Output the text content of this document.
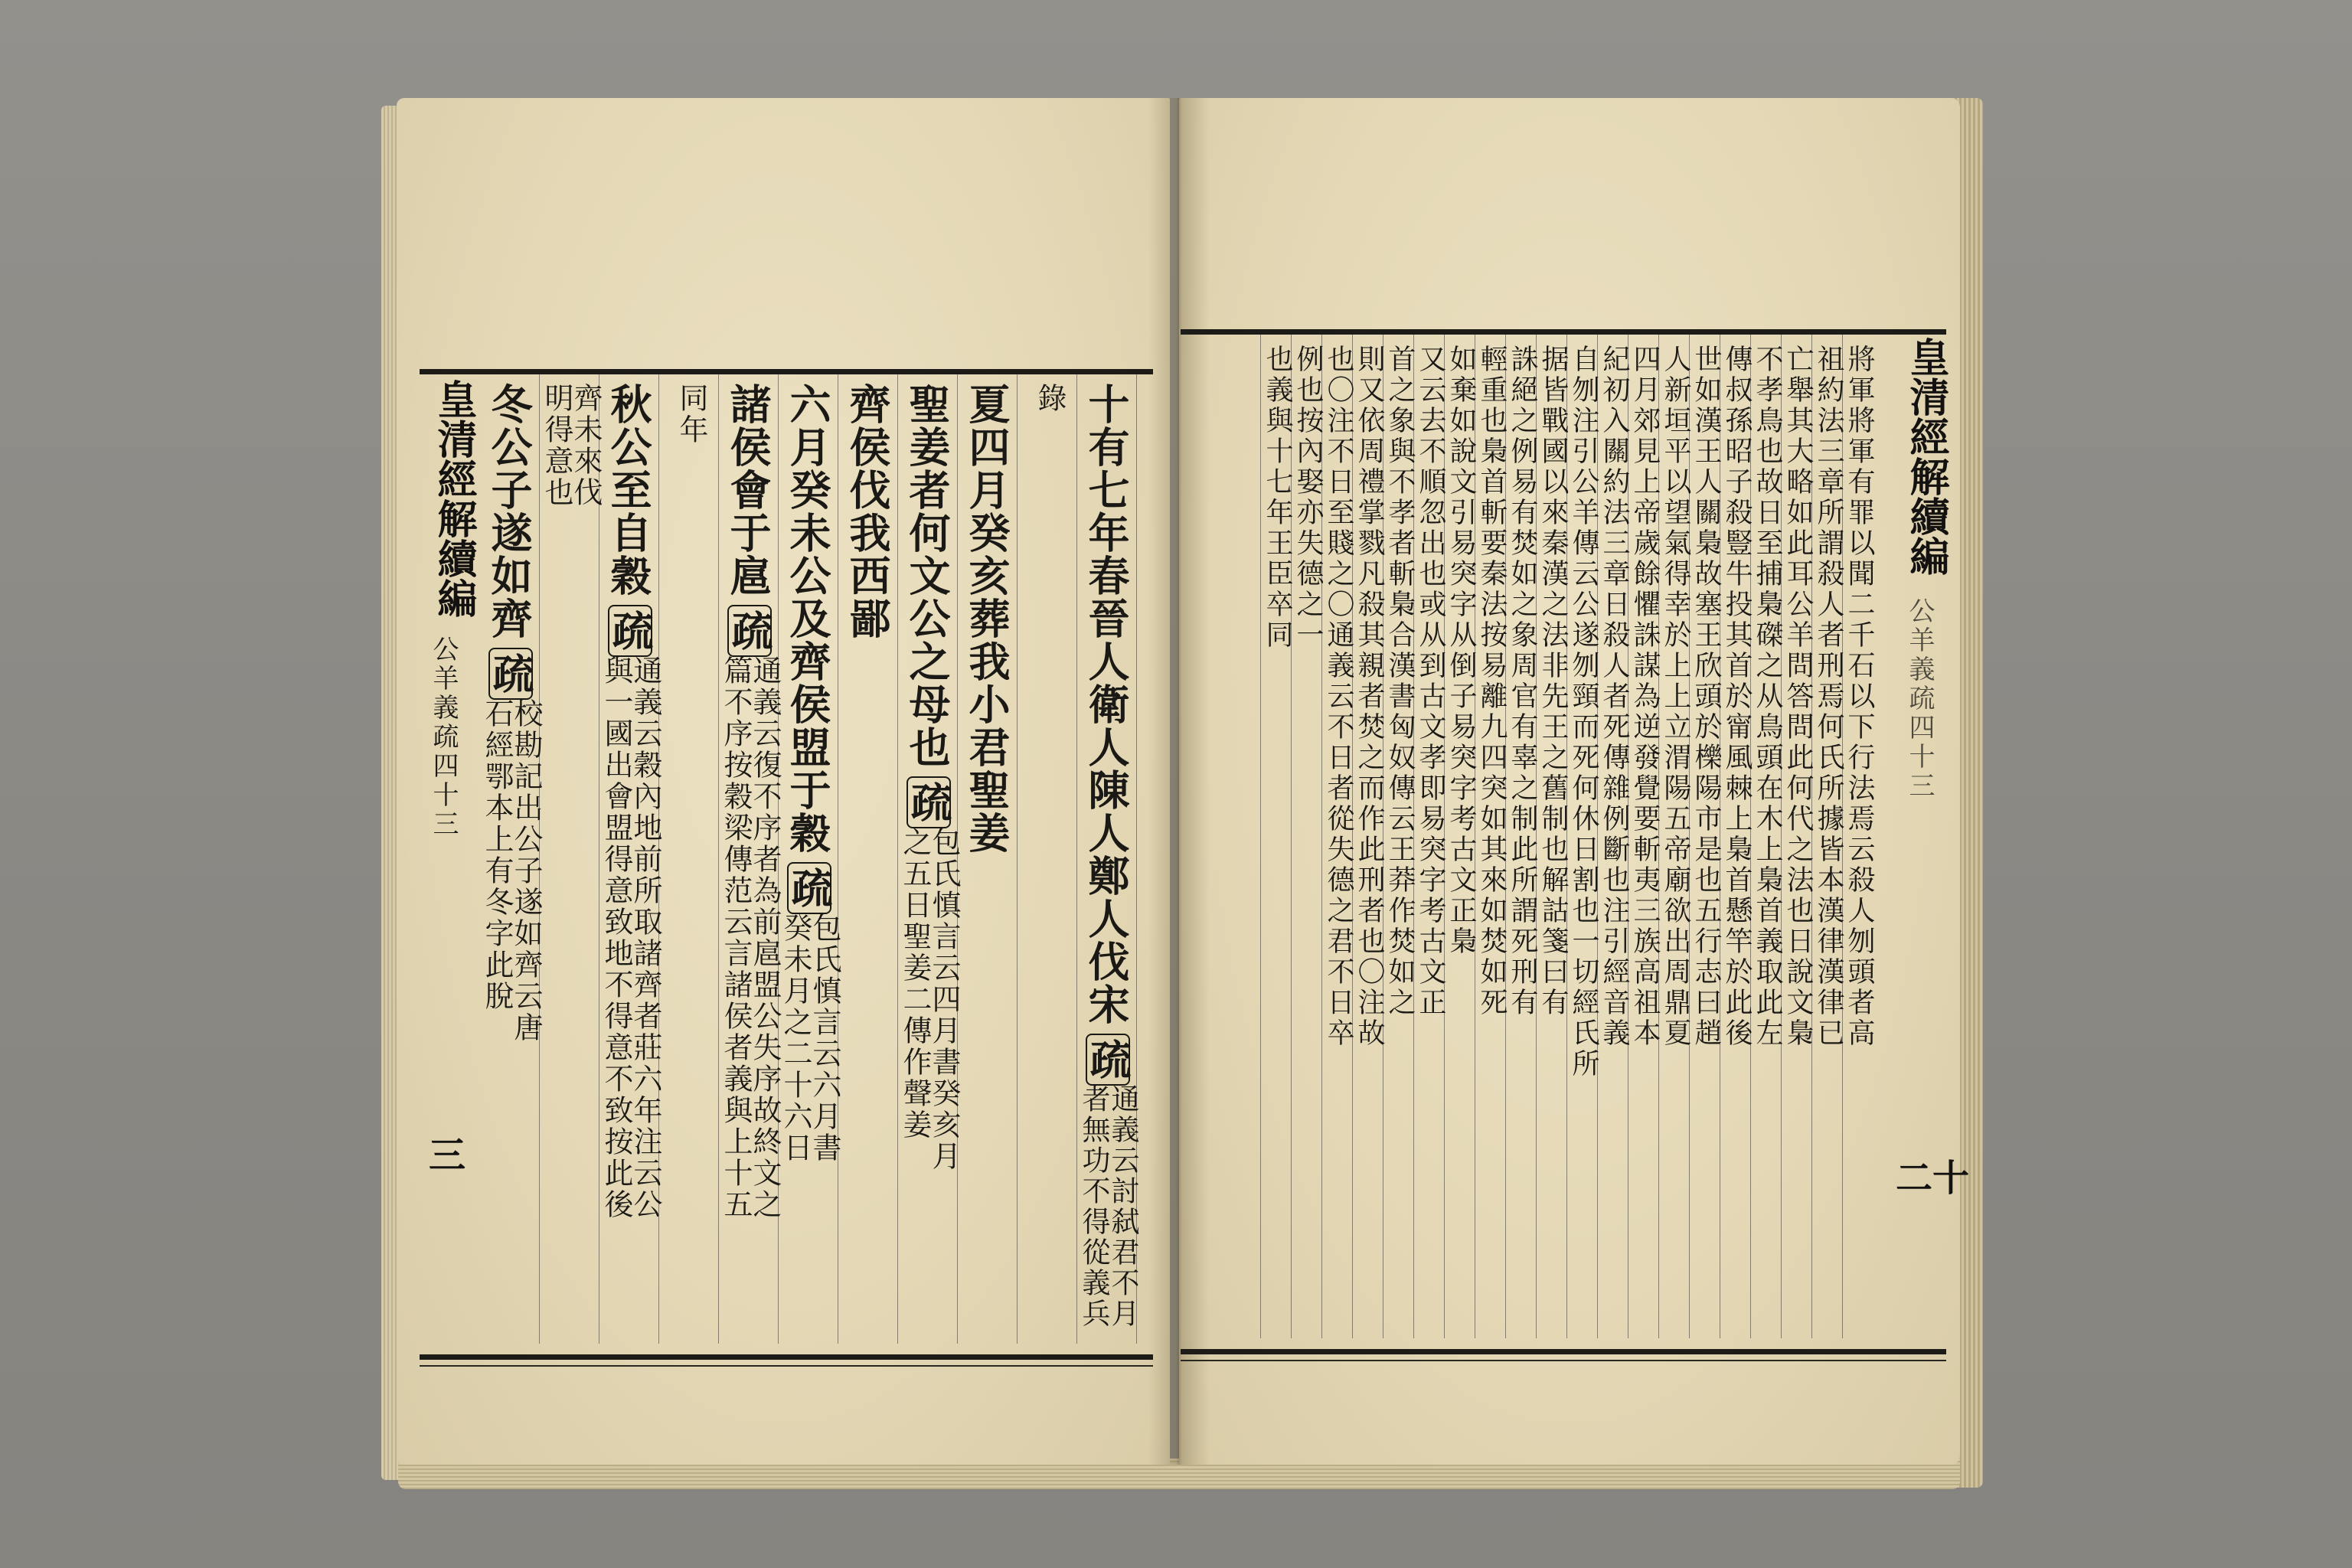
皇清經解續編
公羊義疏四十三
三
皇清經解續編
公羊義疏四十三
二十
冬公子遂如齊
疏
校勘記出公子遂如齊云唐
石經鄂本上有冬字此脫
齊未來伐
明得意也 秋公至自穀
疏
通義云穀內地前所取諸齊者莊六年注云公
與一國出會盟得意致地不得意不致按此後
同年 諸侯會于扈
疏
通義云復不序者為前扈盟公失序故終文之
篇不序按穀梁傳范云言諸侯者義與上十五
六月癸未公及齊侯盟于穀
疏
包氏慎言云六月書
癸未月之二十六日
齊侯伐我西鄙 聖姜者何文公之母也
疏
包氏慎言云四月書癸亥月
之五日聖姜二傳作聲姜
夏四月癸亥葬我小君聖姜 錄 十有七年春晉人衛人陳人鄭人伐宋
疏
通義云討弑君不月
者無功不得從義兵
將軍將軍有罪以聞二千石以下行法焉云殺人刎頭者高
祖約法三章所謂殺人者刑焉何氏所據皆本漢律漢律已
亡舉其大略如此耳公羊問答問此何代之法也日說文梟
不孝鳥也故日至捕梟磔之从鳥頭在木上梟首義取此左
傳叔孫昭子殺豎牛投其首於甯風棘上梟首懸竿於此後
世如漢王人關梟故塞王欣頭於櫟陽市是也五行志曰趙
人新垣平以望氣得幸於上上立渭陽五帝廟欲出周鼎夏
四月郊見上帝歲餘懼誅謀為逆發覺要斬夷三族高祖本
紀初入關約法三章日殺人者死傳雜例斷也注引經音義
自刎注引公羊傳云公遂刎頸而死何休日割也一切經氏所
据皆戰國以來秦漢之法非先王之舊制也解詁箋曰有
誅絕之例易有焚如之象周官有辜之制此所謂死刑有
輕重也梟首斬要秦法按易離九四突如其來如焚如死
如棄如說文引易突字从倒子易突字考古文正梟
又云去不順忽出也或从到古文孝即易突字考古文正
首之象與不孝者斬梟合漢書匈奴傳云王莽作焚如之
則又依周禮掌戮凡殺其親者焚之而作此刑者也〇注故
也〇注不日至賤之〇通義云不日者從失德之君不日卒
例也按內娶亦失德之一
也義與十七年王臣卒同
